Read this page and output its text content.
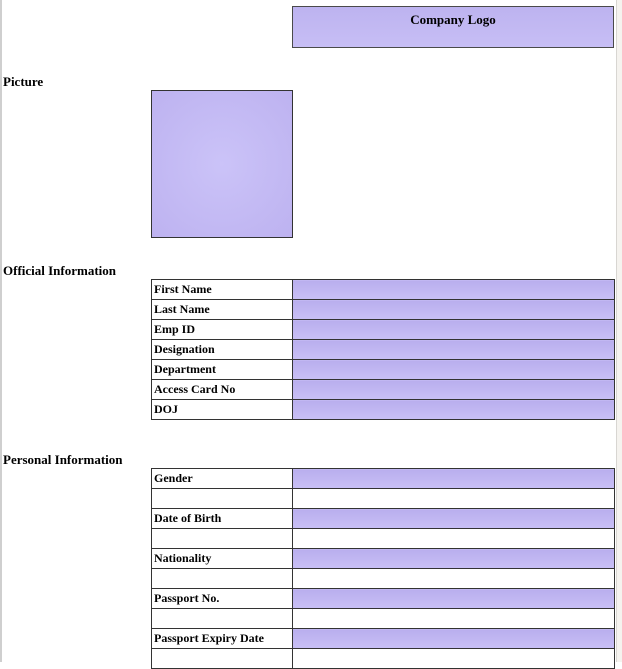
Company Logo
Picture
Official Information
First Name	
Last Name	
Emp ID	
Designation	
Department	
Access Card No	
DOJ	
Personal Information
Gender	

Date of Birth	

Nationality	

Passport No.	

Passport Expiry Date	
